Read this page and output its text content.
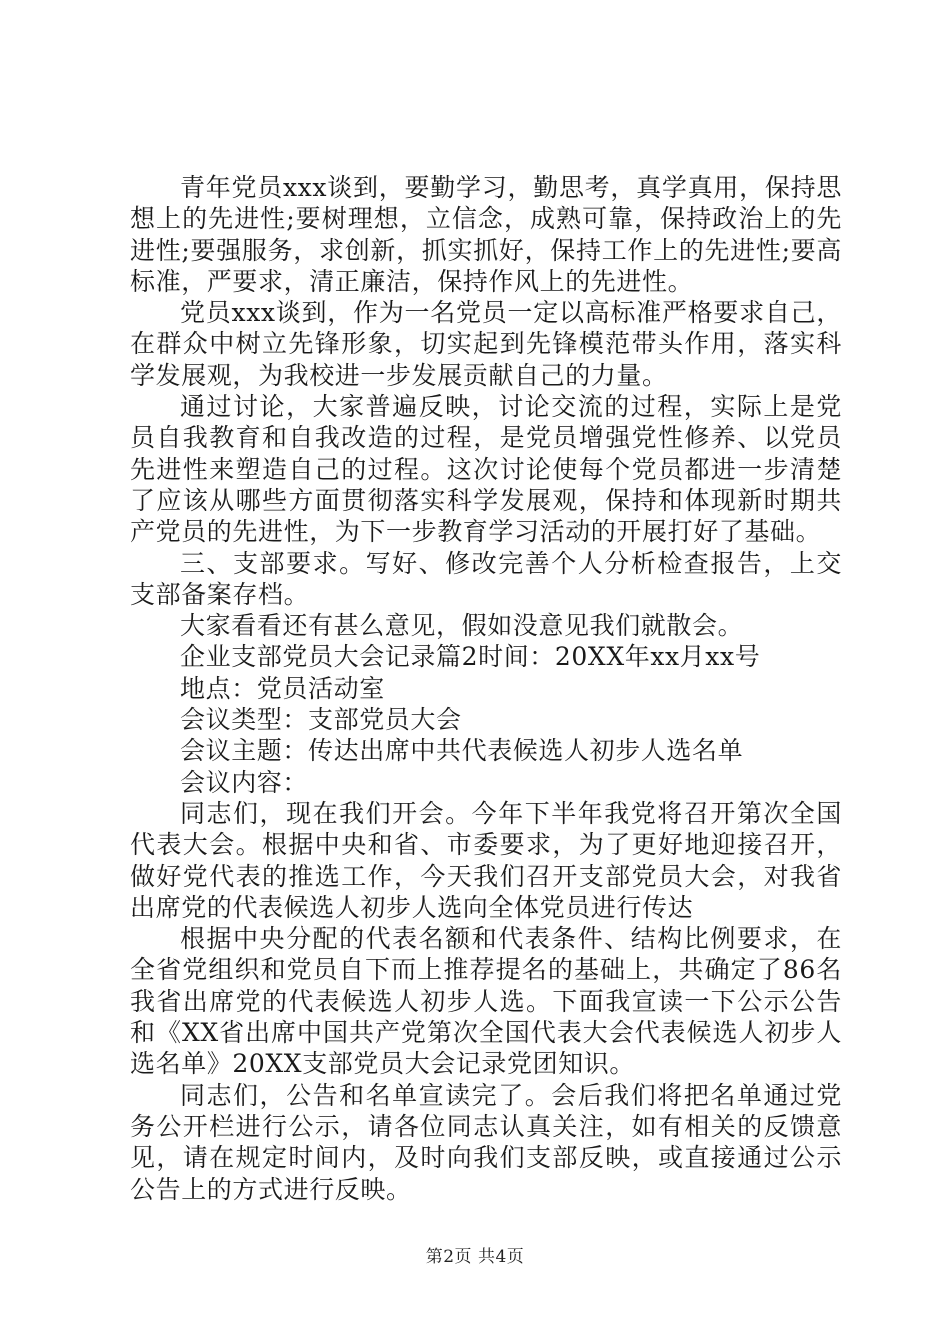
青年党员xxx谈到，要勤学习，勤思考，真学真用，保持思想上的先进性;要树理想，立信念，成熟可靠，保持政治上的先进性;要强服务，求创新，抓实抓好，保持工作上的先进性;要高标准，严要求，清正廉洁，保持作风上的先进性。

党员xxx谈到，作为一名党员一定以高标准严格要求自己，在群众中树立先锋形象，切实起到先锋模范带头作用，落实科学发展观，为我校进一步发展贡献自己的力量。

通过讨论，大家普遍反映，讨论交流的过程，实际上是党员自我教育和自我改造的过程，是党员增强党性修养、以党员先进性来塑造自己的过程。这次讨论使每个党员都进一步清楚了应该从哪些方面贯彻落实科学发展观，保持和体现新时期共产党员的先进性，为下一步教育学习活动的开展打好了基础。

三、支部要求。写好、修改完善个人分析检查报告，上交支部备案存档。

大家看看还有甚么意见，假如没意见我们就散会。

企业支部党员大会记录篇2时间：20XX年xx月xx号

地点：党员活动室

会议类型：支部党员大会

会议主题：传达出席中共代表候选人初步人选名单

会议内容：

同志们，现在我们开会。今年下半年我党将召开第次全国代表大会。根据中央和省、市委要求，为了更好地迎接召开，做好党代表的推选工作，今天我们召开支部党员大会，对我省出席党的代表候选人初步人选向全体党员进行传达

根据中央分配的代表名额和代表条件、结构比例要求，在全省党组织和党员自下而上推荐提名的基础上，共确定了86名我省出席党的代表候选人初步人选。下面我宣读一下公示公告和《XX省出席中国共产党第次全国代表大会代表候选人初步人选名单》20XX支部党员大会记录党团知识。

同志们，公告和名单宣读完了。会后我们将把名单通过党务公开栏进行公示，请各位同志认真关注，如有相关的反馈意见，请在规定时间内，及时向我们支部反映，或直接通过公示公告上的方式进行反映。

第2页 共4页
